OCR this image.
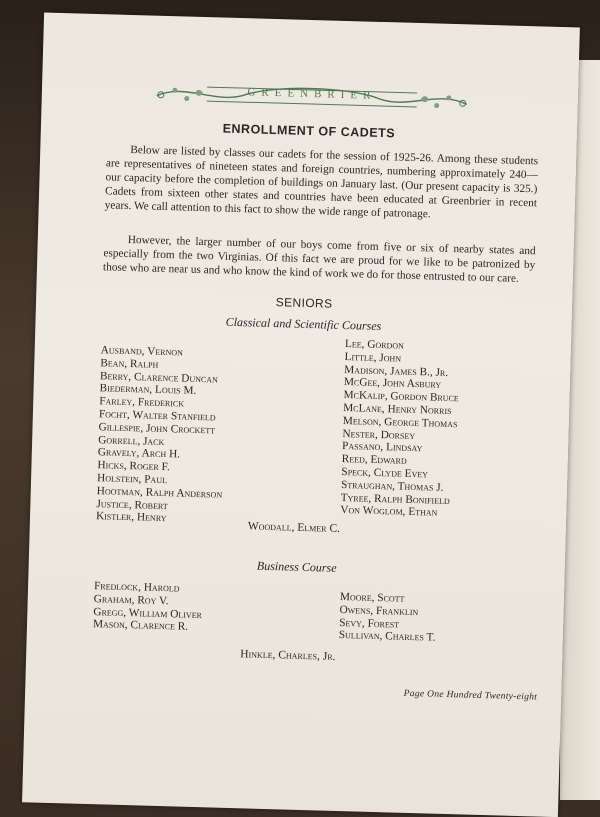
GREENBRIER
ENROLLMENT OF CADETS

Below are listed by classes our cadets for the session of 1925-26. Among these students are representatives of nineteen states and foreign countries, numbering approximately 240—our capacity before the completion of buildings on January last. (Our present capacity is 325.) Cadets from sixteen other states and countries have been educated at Greenbrier in recent years. We call attention to this fact to show the wide range of patronage.

However, the larger number of our boys come from five or six of nearby states and especially from the two Virginias. Of this fact we are proud for we like to be patronized by those who are near us and who know the kind of work we do for those entrusted to our care.

SENIORS
Classical and Scientific Courses
Ausband, Vernon
Bean, Ralph
Berry, Clarence Duncan
Biederman, Louis M.
Farley, Frederick
Focht, Walter Stanfield
Gillespie, John Crockett
Gorrell, Jack
Gravely, Arch H.
Hicks, Roger F.
Holstein, Paul
Hootman, Ralph Anderson
Justice, Robert
Kistler, Henry
Lee, Gordon
Little, John
Madison, James B., Jr.
McGee, John Asbury
McKalip, Gordon Bruce
McLane, Henry Norris
Melson, George Thomas
Nester, Dorsey
Passano, Lindsay
Reed, Edward
Speck, Clyde Evey
Straughan, Thomas J.
Tyree, Ralph Bonifield
Von Woglom, Ethan
Woodall, Elmer C.
Business Course
Fredlock, Harold
Graham, Roy V.
Gregg, William Oliver
Mason, Clarence R.
Moore, Scott
Owens, Franklin
Sevy, Forest
Sullivan, Charles T.
Hinkle, Charles, Jr.
Page One Hundred Twenty-eight
